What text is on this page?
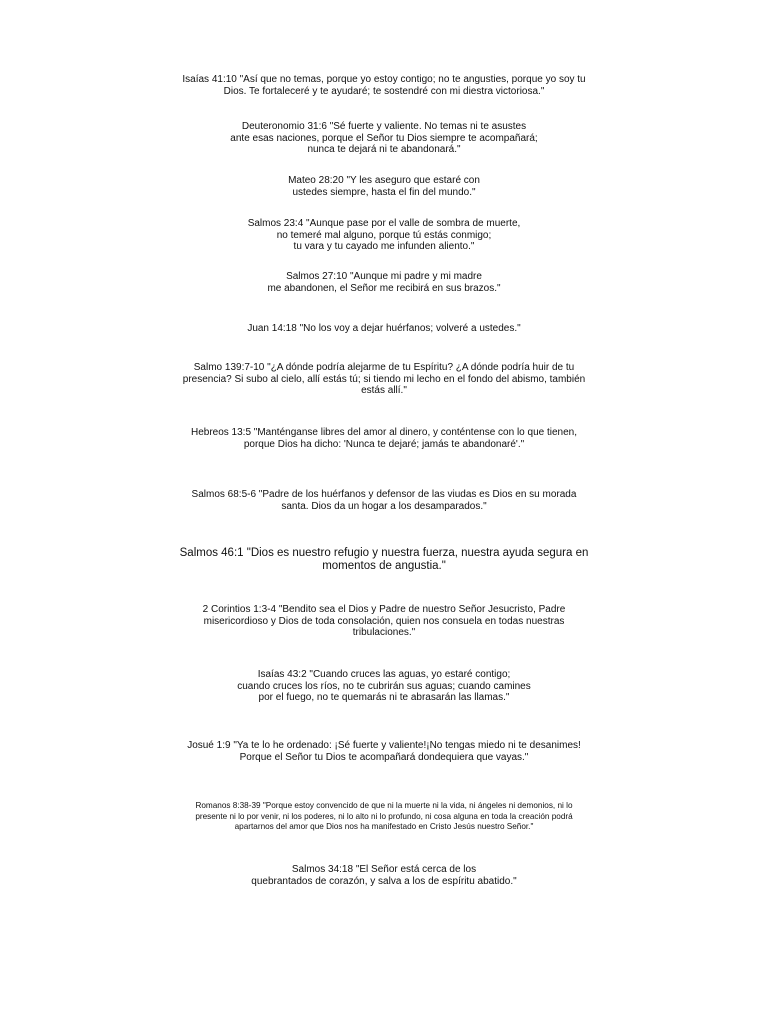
Isaías 41:10 "Así que no temas, porque yo estoy contigo; no te angusties, porque yo soy tu
Dios. Te fortaleceré y te ayudaré; te sostendré con mi diestra victoriosa."
Deuteronomio 31:6 "Sé fuerte y valiente. No temas ni te asustes
ante esas naciones, porque el Señor tu Dios siempre te acompañará;
nunca te dejará ni te abandonará."
Mateo 28:20 "Y les aseguro que estaré con
ustedes siempre, hasta el fin del mundo."
Salmos 23:4 "Aunque pase por el valle de sombra de muerte,
no temeré mal alguno, porque tú estás conmigo;
tu vara y tu cayado me infunden aliento."
Salmos 27:10 "Aunque mi padre y mi madre
me abandonen, el Señor me recibirá en sus brazos."
Juan 14:18 "No los voy a dejar huérfanos; volveré a ustedes."
Salmo 139:7-10 "¿A dónde podría alejarme de tu Espíritu? ¿A dónde podría huir de tu
presencia? Si subo al cielo, allí estás tú; si tiendo mi lecho en el fondo del abismo, también
estás allí."
Hebreos 13:5 "Manténganse libres del amor al dinero, y conténtense con lo que tienen,
porque Dios ha dicho: 'Nunca te dejaré; jamás te abandonaré'."
Salmos 68:5-6 "Padre de los huérfanos y defensor de las viudas es Dios en su morada
santa. Dios da un hogar a los desamparados."
Salmos 46:1 "Dios es nuestro refugio y nuestra fuerza, nuestra ayuda segura en
momentos de angustia."
2 Corintios 1:3-4 "Bendito sea el Dios y Padre de nuestro Señor Jesucristo, Padre
misericordioso y Dios de toda consolación, quien nos consuela en todas nuestras
tribulaciones."
Isaías 43:2 "Cuando cruces las aguas, yo estaré contigo;
cuando cruces los ríos, no te cubrirán sus aguas; cuando camines
por el fuego, no te quemarás ni te abrasarán las llamas."
Josué 1:9 "Ya te lo he ordenado: ¡Sé fuerte y valiente!¡No tengas miedo ni te desanimes!
Porque el Señor tu Dios te acompañará dondequiera que vayas."
Romanos 8:38-39 "Porque estoy convencido de que ni la muerte ni la vida, ni ángeles ni demonios, ni lo
presente ni lo por venir, ni los poderes, ni lo alto ni lo profundo, ni cosa alguna en toda la creación podrá
apartarnos del amor que Dios nos ha manifestado en Cristo Jesús nuestro Señor."
Salmos 34:18 "El Señor está cerca de los
quebrantados de corazón, y salva a los de espíritu abatido."
